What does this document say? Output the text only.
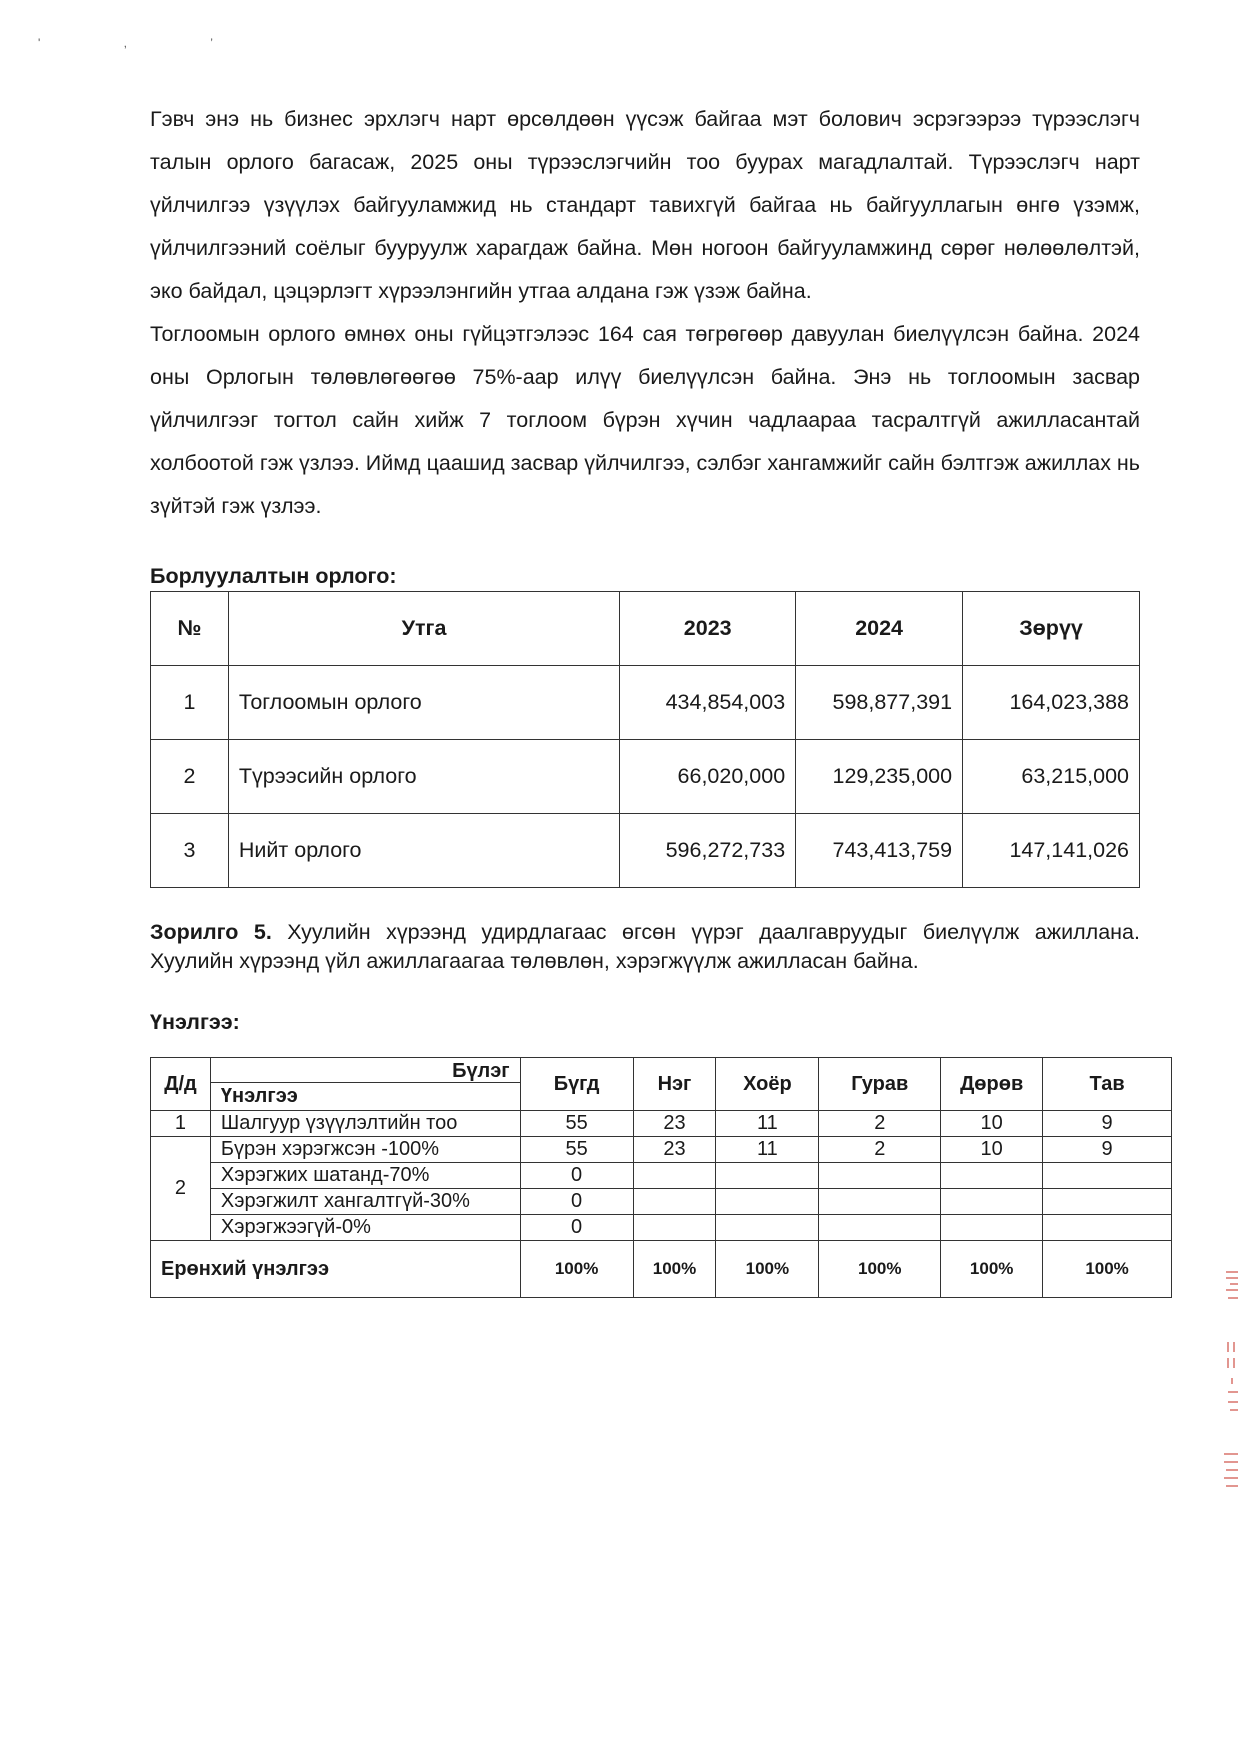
' , ’

Гэвч энэ нь бизнес эрхлэгч нарт өрсөлдөөн үүсэж байгаа мэт болович эсрэгээрээ түрээслэгч талын орлого багасаж, 2025 оны түрээслэгчийн тоо буурах магадлалтай. Түрээслэгч нарт үйлчилгээ үзүүлэх байгууламжид нь стандарт тавихгүй байгаа нь байгууллагын өнгө үзэмж, үйлчилгээний соёлыг бууруулж харагдаж байна. Мөн ногоон байгууламжинд сөрөг нөлөөлөлтэй, эко байдал, цэцэрлэгт хүрээлэнгийн утгаа алдана гэж үзэж байна.

Тоглоомын орлого өмнөх оны гүйцэтгэлээс 164 сая төгрөгөөр давуулан биелүүлсэн байна. 2024 оны Орлогын төлөвлөгөөгөө 75%-аар илүү биелүүлсэн байна. Энэ нь тоглоомын засвар үйлчилгээг тогтол сайн хийж 7 тоглоом бүрэн хүчин чадлаараа тасралтгүй ажилласантай холбоотой гэж үзлээ. Иймд цаашид засвар үйлчилгээ, сэлбэг хангамжийг сайн бэлтгэж ажиллах нь зүйтэй гэж үзлээ.

Борлуулалтын орлого:

№	Утга	2023	2024	Зөрүү
1	Тоглоомын орлого	434,854,003	598,877,391	164,023,388
2	Түрээсийн орлого	66,020,000	129,235,000	63,215,000
3	Нийт орлого	596,272,733	743,413,759	147,141,026

Зорилго 5. Хуулийн хүрээнд удирдлагаас өгсөн үүрэг даалгавруудыг биелүүлж ажиллана. Хуулийн хүрээнд үйл ажиллагаагаа төлөвлөн, хэрэгжүүлж ажилласан байна.

Үнэлгээ:

Д/д	Бүлэг
Үнэлгээ	Бүгд	Нэг	Хоёр	Гурав	Дөрөв	Тав
1	Шалгуур үзүүлэлтийн тоо	55	23	11	2	10	9
2	Бүрэн хэрэгжсэн -100%	55	23	11	2	10	9
	Хэрэгжих шатанд-70%	0					
	Хэрэгжилт хангалтгүй-30%	0					
	Хэрэгжээгүй-0%	0					
Ерөнхий үнэлгээ		100%	100%	100%	100%	100%	100%
